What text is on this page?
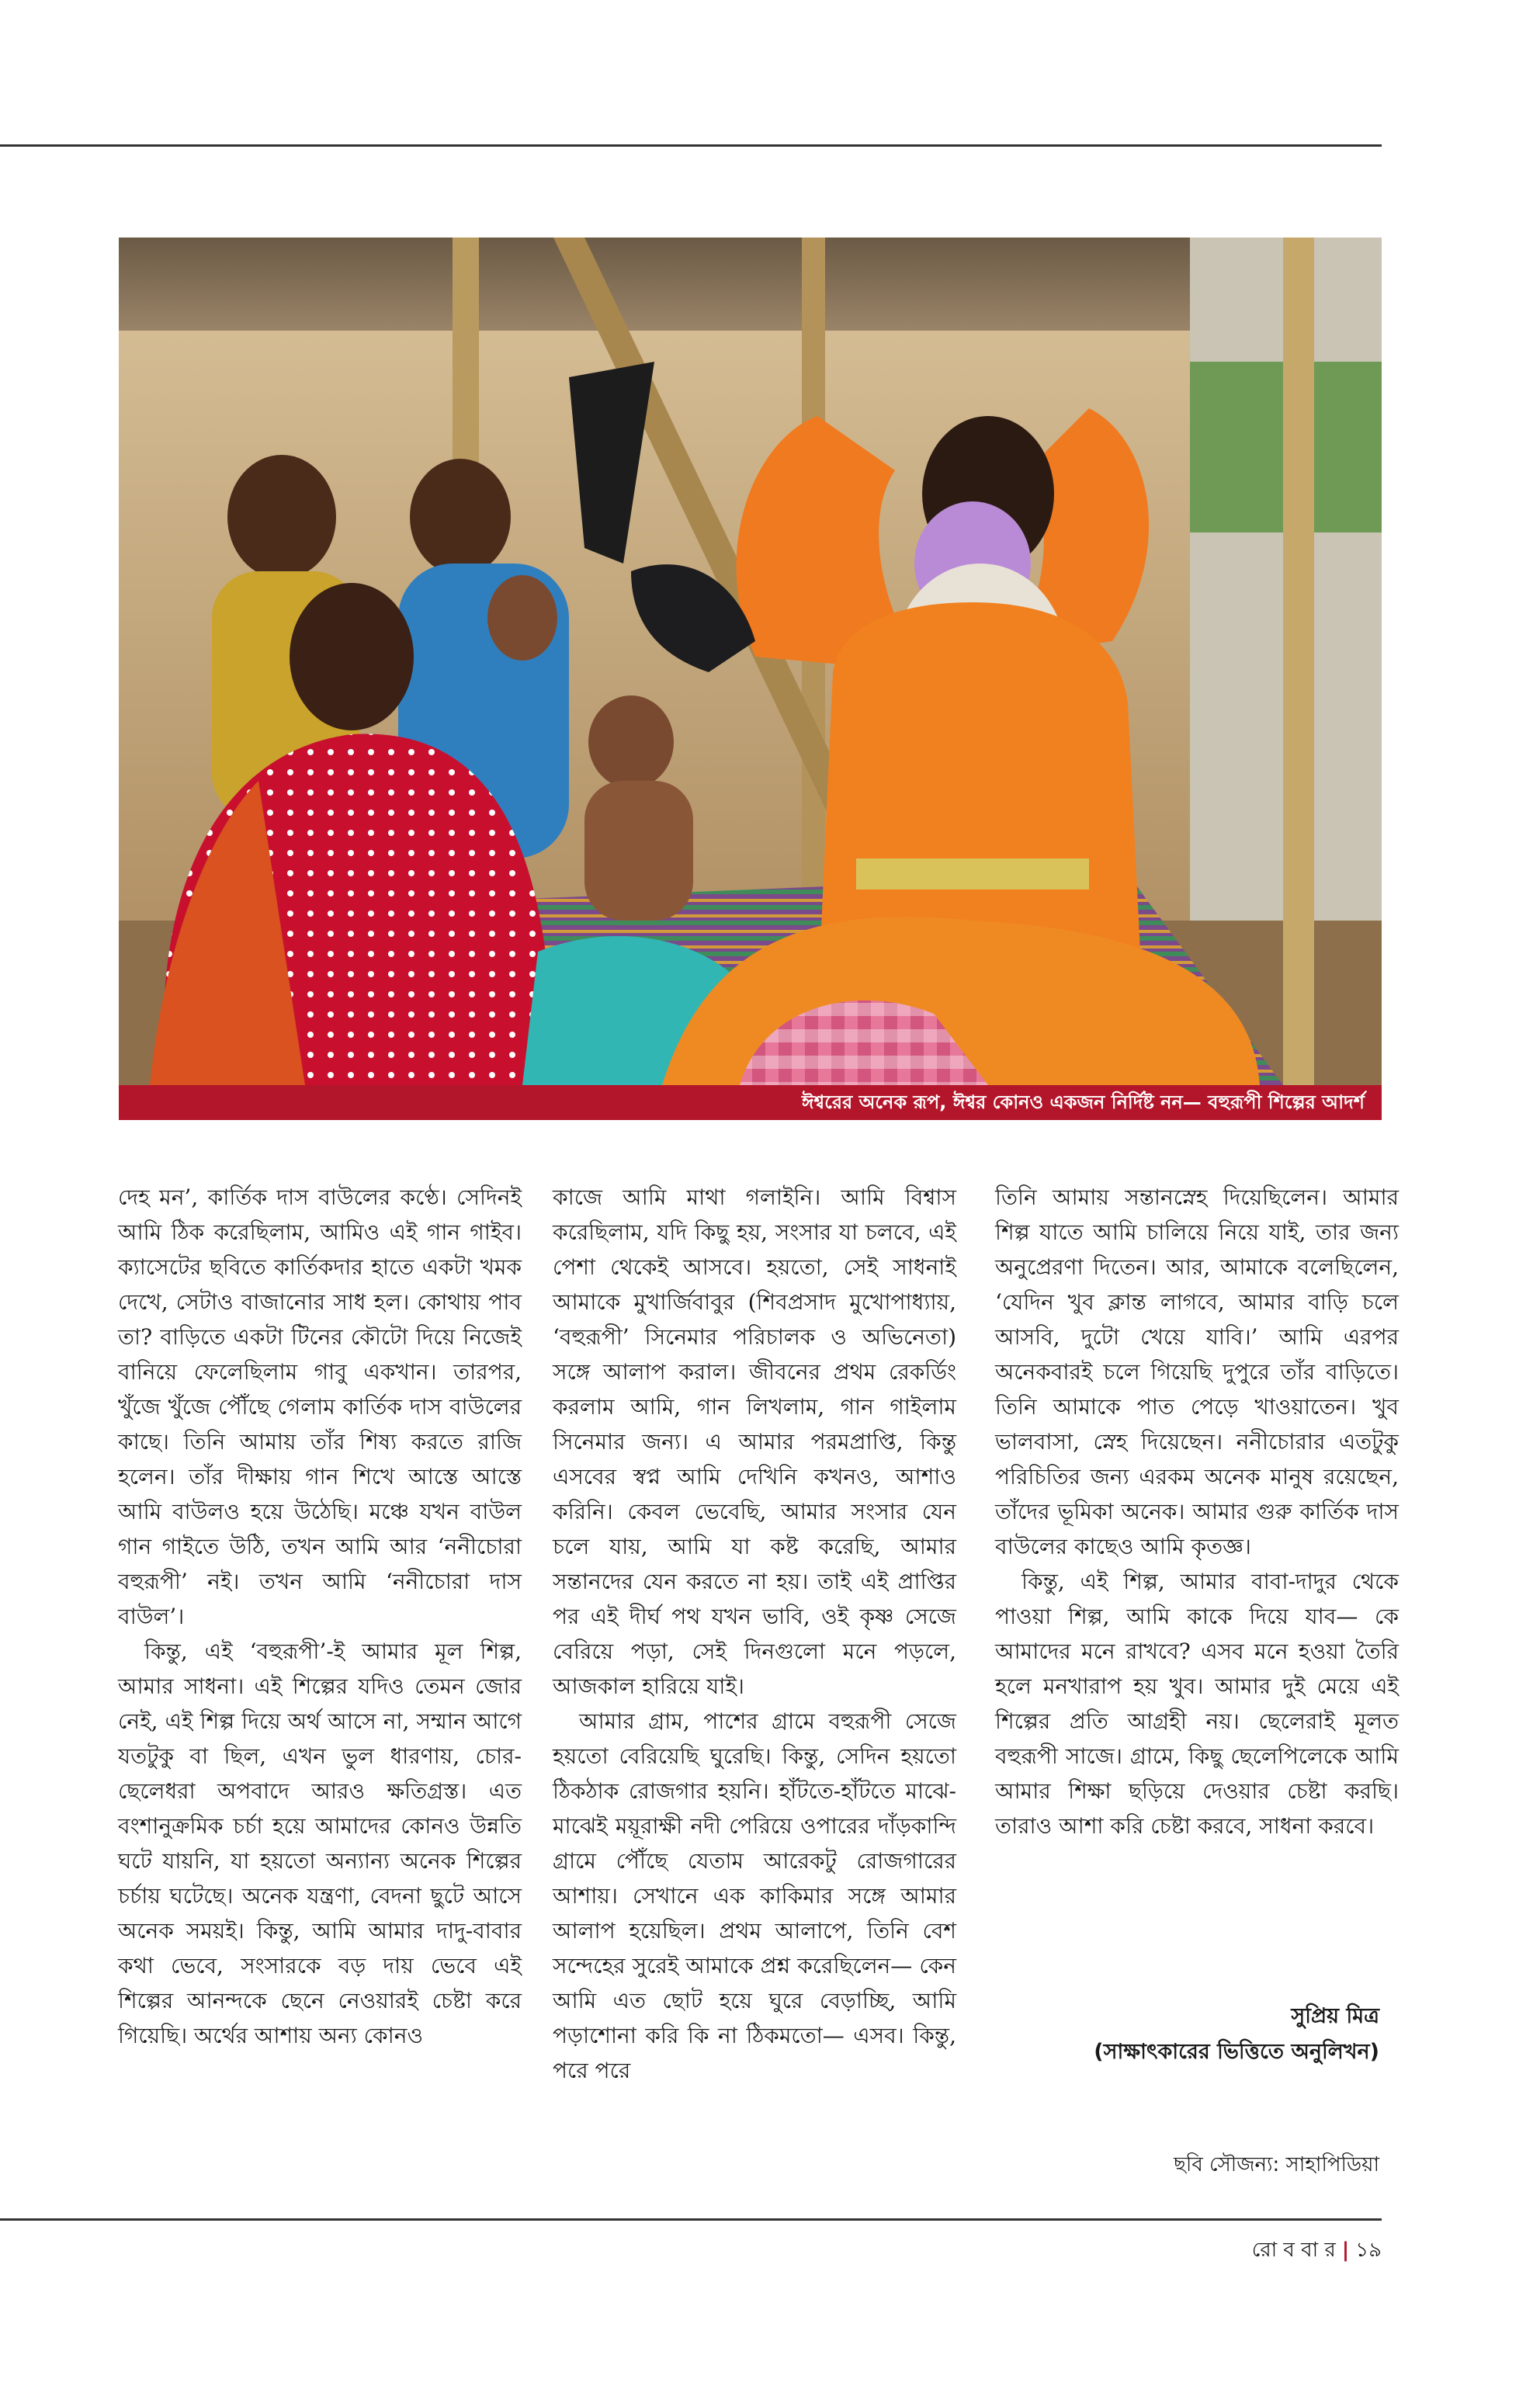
ঈশ্বরের অনেক রূপ, ঈশ্বর কোনও একজন নির্দিষ্ট নন— বহুরূপী শিল্পের আদর্শ

দেহ মন’, কার্তিক দাস বাউলের কণ্ঠে। সেদিনই আমি ঠিক করেছিলাম, আমিও এই গান গাইব। ক্যাসেটের ছবিতে কার্তিকদার হাতে একটা খমক দেখে, সেটাও বাজানোর সাধ হল। কোথায় পাব তা? বাড়িতে একটা টিনের কৌটো দিয়ে নিজেই বানিয়ে ফেলেছিলাম গাবু একখান। তারপর, খুঁজে খুঁজে পৌঁছে গেলাম কার্তিক দাস বাউলের কাছে। তিনি আমায় তাঁর শিষ্য করতে রাজি হলেন। তাঁর দীক্ষায় গান শিখে আস্তে আস্তে আমি বাউলও হয়ে উঠেছি। মঞ্চে যখন বাউল গান গাইতে উঠি, তখন আমি আর ‘ননীচোরা বহুরূপী’ নই। তখন আমি ‘ননীচোরা দাস বাউল’।

কিন্তু, এই ‘বহুরূপী’-ই আমার মূল শিল্প, আমার সাধনা। এই শিল্পের যদিও তেমন জোর নেই, এই শিল্প দিয়ে অর্থ আসে না, সম্মান আগে যতটুকু বা ছিল, এখন ভুল ধারণায়, চোর-ছেলেধরা অপবাদে আরও ক্ষতিগ্রস্ত। এত বংশানুক্রমিক চর্চা হয়ে আমাদের কোনও উন্নতি ঘটে যায়নি, যা হয়তো অন্যান্য অনেক শিল্পের চর্চায় ঘটেছে। অনেক যন্ত্রণা, বেদনা ছুটে আসে অনেক সময়ই। কিন্তু, আমি আমার দাদু-বাবার কথা ভেবে, সংসারকে বড় দায় ভেবে এই শিল্পের আনন্দকে ছেনে নেওয়ারই চেষ্টা করে গিয়েছি। অর্থের আশায় অন্য কোনও

কাজে আমি মাথা গলাইনি। আমি বিশ্বাস করেছিলাম, যদি কিছু হয়, সংসার যা চলবে, এই পেশা থেকেই আসবে। হয়তো, সেই সাধনাই আমাকে মুখার্জিবাবুর (শিবপ্রসাদ মুখোপাধ্যায়, ‘বহুরূপী’ সিনেমার পরিচালক ও অভিনেতা) সঙ্গে আলাপ করাল। জীবনের প্রথম রেকর্ডিং করলাম আমি, গান লিখলাম, গান গাইলাম সিনেমার জন্য। এ আমার পরমপ্রাপ্তি, কিন্তু এসবের স্বপ্ন আমি দেখিনি কখনও, আশাও করিনি। কেবল ভেবেছি, আমার সংসার যেন চলে যায়, আমি যা কষ্ট করেছি, আমার সন্তানদের যেন করতে না হয়। তাই এই প্রাপ্তির পর এই দীর্ঘ পথ যখন ভাবি, ওই কৃষ্ণ সেজে বেরিয়ে পড়া, সেই দিনগুলো মনে পড়লে, আজকাল হারিয়ে যাই।

আমার গ্রাম, পাশের গ্রামে বহুরূপী সেজে হয়তো বেরিয়েছি ঘুরেছি। কিন্তু, সেদিন হয়তো ঠিকঠাক রোজগার হয়নি। হাঁটতে-হাঁটতে মাঝে-মাঝেই ময়ূরাক্ষী নদী পেরিয়ে ওপারের দাঁড়কান্দি গ্রামে পৌঁছে যেতাম আরেকটু রোজগারের আশায়। সেখানে এক কাকিমার সঙ্গে আমার আলাপ হয়েছিল। প্রথম আলাপে, তিনি বেশ সন্দেহের সুরেই আমাকে প্রশ্ন করেছিলেন— কেন আমি এত ছোট হয়ে ঘুরে বেড়াচ্ছি, আমি পড়াশোনা করি কি না ঠিকমতো— এসব। কিন্তু, পরে পরে

তিনি আমায় সন্তানস্নেহ দিয়েছিলেন। আমার শিল্প যাতে আমি চালিয়ে নিয়ে যাই, তার জন্য অনুপ্রেরণা দিতেন। আর, আমাকে বলেছিলেন, ‘যেদিন খুব ক্লান্ত লাগবে, আমার বাড়ি চলে আসবি, দুটো খেয়ে যাবি।’ আমি এরপর অনেকবারই চলে গিয়েছি দুপুরে তাঁর বাড়িতে। তিনি আমাকে পাত পেড়ে খাওয়াতেন। খুব ভালবাসা, স্নেহ দিয়েছেন। ননীচোরার এতটুকু পরিচিতির জন্য এরকম অনেক মানুষ রয়েছেন, তাঁদের ভূমিকা অনেক। আমার গুরু কার্তিক দাস বাউলের কাছেও আমি কৃতজ্ঞ।

কিন্তু, এই শিল্প, আমার বাবা-দাদুর থেকে পাওয়া শিল্প, আমি কাকে দিয়ে যাব— কে আমাদের মনে রাখবে? এসব মনে হওয়া তৈরি হলে মনখারাপ হয় খুব। আমার দুই মেয়ে এই শিল্পের প্রতি আগ্রহী নয়। ছেলেরাই মূলত বহুরূপী সাজে। গ্রামে, কিছু ছেলেপিলেকে আমি আমার শিক্ষা ছড়িয়ে দেওয়ার চেষ্টা করছি। তারাও আশা করি চেষ্টা করবে, সাধনা করবে।

সুপ্রিয় মিত্র
(সাক্ষাৎকারের ভিত্তিতে অনুলিখন)
ছবি সৌজন্য: সাহাপিডিয়া
রো ব বা র | ১৯
